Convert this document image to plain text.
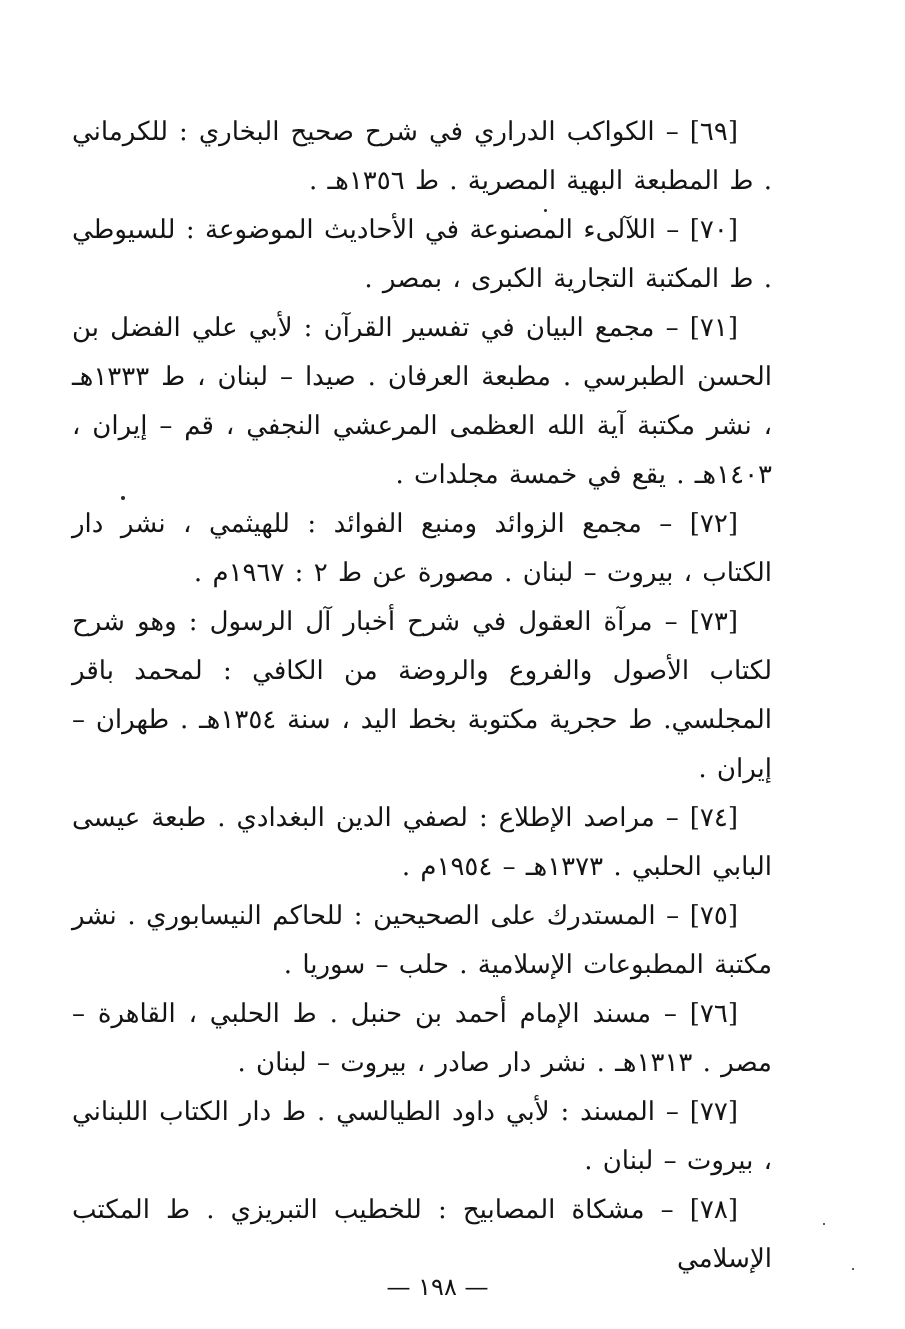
[٦٩] – الكواكب الدراري في شرح صحيح البخاري : للكرماني . ط المطبعة البهية المصرية . ط ١٣٥٦هـ .

[٧٠] – اللآلىء المصنوعة في الأحاديث الموضوعة : للسيوطي . ط المكتبة التجارية الكبرى ، بمصر .

[٧١] – مجمع البيان في تفسير القرآن : لأبي علي الفضل بن الحسن الطبرسي . مطبعة العرفان . صيدا – لبنان ، ط ١٣٣٣هـ ، نشر مكتبة آية الله العظمى المرعشي النجفي ، قم – إيران ، ١٤٠٣هـ . يقع في خمسة مجلدات .

[٧٢] – مجمع الزوائد ومنبع الفوائد : للهيثمي ، نشر دار الكتاب ، بيروت – لبنان . مصورة عن ط ٢ : ١٩٦٧م .

[٧٣] – مرآة العقول في شرح أخبار آل الرسول : وهو شرح لكتاب الأصول والفروع والروضة من الكافي : لمحمد باقر المجلسي. ط حجرية مكتوبة بخط اليد ، سنة ١٣٥٤هـ . طهران – إيران .

[٧٤] – مراصد الإطلاع : لصفي الدين البغدادي . طبعة عيسى البابي الحلبي . ١٣٧٣هـ – ١٩٥٤م .

[٧٥] – المستدرك على الصحيحين : للحاكم النيسابوري . نشر مكتبة المطبوعات الإسلامية . حلب – سوريا .

[٧٦] – مسند الإمام أحمد بن حنبل . ط الحلبي ، القاهرة – مصر . ١٣١٣هـ . نشر دار صادر ، بيروت – لبنان .

[٧٧] – المسند : لأبي داود الطيالسي . ط دار الكتاب اللبناني ، بيروت – لبنان .

[٧٨] – مشكاة المصابيح : للخطيب التبريزي . ط المكتب الإسلامي

— ١٩٨ —
